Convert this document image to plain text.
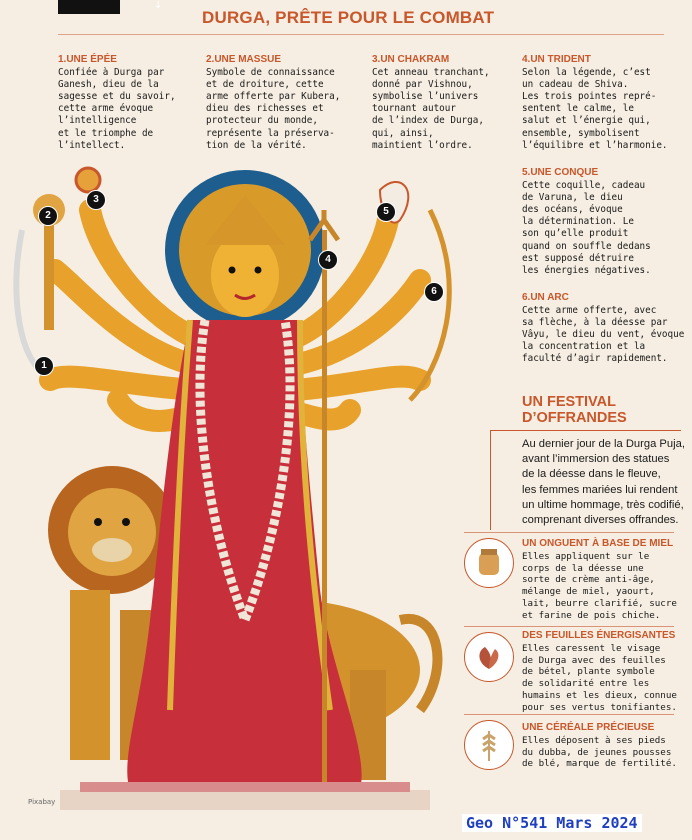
↓
DURGA, PRÊTE POUR LE COMBAT
1.UNE ÉPÉE

Confiée à Durga par
Ganesh, dieu de la
sagesse et du savoir,
cette arme évoque
l’intelligence
et le triomphe de
l’intellect.

2.UNE MASSUE

Symbole de connaissance
et de droiture, cette
arme offerte par Kubera,
dieu des richesses et
protecteur du monde,
représente la préserva-
tion de la vérité.

3.UN CHAKRAM

Cet anneau tranchant,
donné par Vishnou,
symbolise l’univers
tournant autour
de l’index de Durga,
qui, ainsi,
maintient l’ordre.

4.UN TRIDENT

Selon la légende, c’est
un cadeau de Shiva.
Les trois pointes repré-
sentent le calme, le
salut et l’énergie qui,
ensemble, symbolisent
l’équilibre et l’harmonie.

5.UNE CONQUE

Cette coquille, cadeau
de Varuna, le dieu
des océans, évoque
la détermination. Le
son qu’elle produit
quand on souffle dedans
est supposé détruire
les énergies négatives.

6.UN ARC

Cette arme offerte, avec
sa flèche, à la déesse par
Vâyu, le dieu du vent, évoque
la concentration et la
faculté d’agir rapidement.

1
2
3
4
5
6
UN FESTIVAL
D’OFFRANDES
Au dernier jour de la Durga Puja,
avant l’immersion des statues
de la déesse dans le fleuve,
les femmes mariées lui rendent
un ultime hommage, très codifié,
comprenant diverses offrandes.
UN ONGUENT À BASE DE MIEL

Elles appliquent sur le
corps de la déesse une
sorte de crème anti-âge,
mélange de miel, yaourt,
lait, beurre clarifié, sucre
et farine de pois chiche.

DES FEUILLES ÉNERGISANTES

Elles caressent le visage
de Durga avec des feuilles
de bétel, plante symbole
de solidarité entre les
humains et les dieux, connue
pour ses vertus tonifiantes.

UNE CÉRÉALE PRÉCIEUSE

Elles déposent à ses pieds
du dubba, de jeunes pousses
de blé, marque de fertilité.

Pixabay
Geo N°541 Mars 2024
